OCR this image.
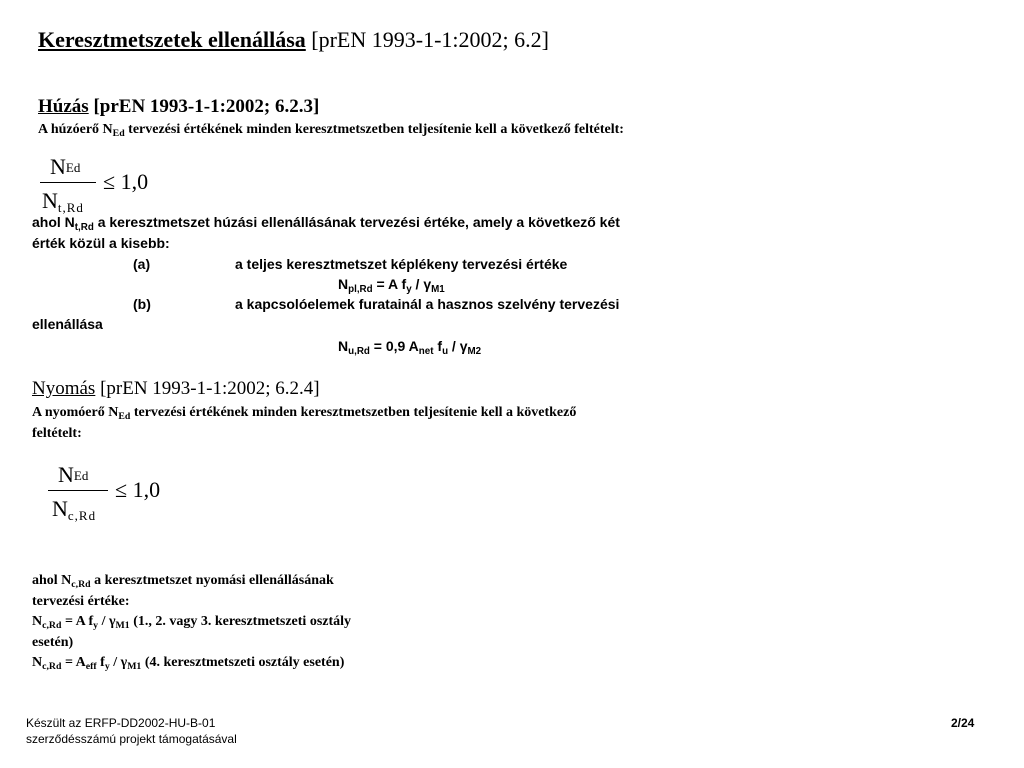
Keresztmetszetek ellenállása [prEN 1993-1-1:2002; 6.2]
Húzás [prEN 1993-1-1:2002; 6.2.3]
A húzóerő $N_{Ed}$ tervezési értékének minden keresztmetszetben teljesítenie kell a következő feltételt:
NEd
$N_{t,Rd}$
≤ 1,0
ahol $N_{t,Rd}$ a keresztmetszet húzási ellenállásának tervezési értéke, amely a következő két
érték közül a kisebb:
(a)	a teljes keresztmetszet képlékeny tervezési értéke
$N_{pl,Rd} = A$ $f_y / \gamma_{M1}$
(b)	a kapcsolóelemek furatainál a hasznos szelvény tervezési
ellenállása
$N_{u,Rd} = 0,9$ $A_{net}$ $f_u / \gamma_{M2}$
Nyomás [prEN 1993-1-1:2002; 6.2.4]
A nyomóerő $N_{Ed}$ tervezési értékének minden keresztmetszetben teljesítenie kell a következő
feltételt:
NEd
$N_{c,Rd}$
≤ 1,0
ahol $N_{c,Rd}$ a keresztmetszet nyomási ellenállásának
tervezési értéke:
$N_{c,Rd} = A$ $f_y / \gamma_{M1}$ (1., 2. vagy 3. keresztmetszeti osztály
esetén)
$N_{c,Rd} = A_{eff}$ $f_y / \gamma_{M1}$ (4. keresztmetszeti osztály esetén)
Készült az ERFP-DD2002-HU-B-01
szerződésszámú projekt támogatásával
2/24
